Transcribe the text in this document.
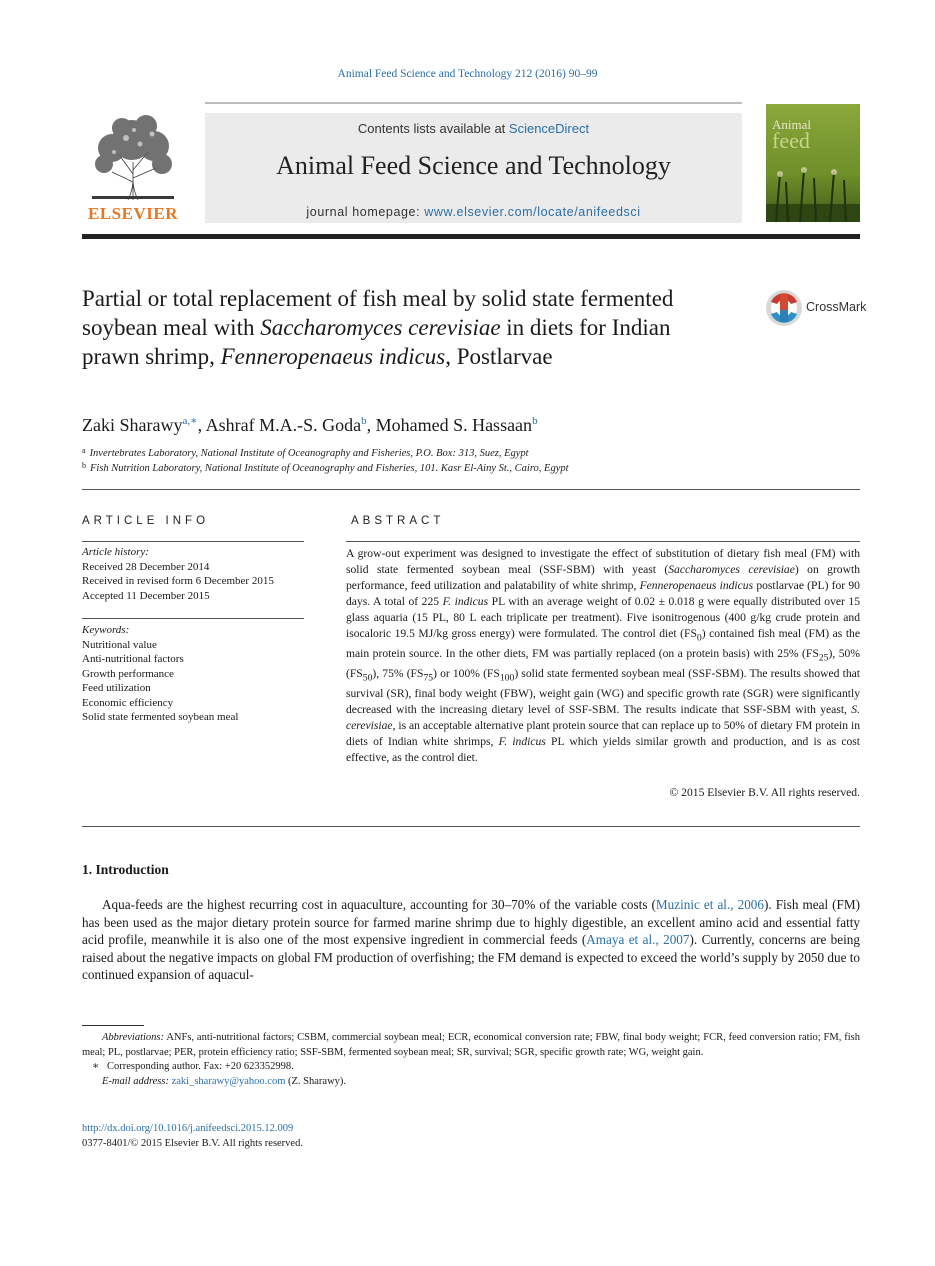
Animal Feed Science and Technology 212 (2016) 90–99
ELSEVIER
Contents lists available at ScienceDirect
Animal Feed Science and Technology
journal homepage: www.elsevier.com/locate/anifeedsci
Animal
feed
Partial or total replacement of fish meal by solid state fermented soybean meal with Saccharomyces cerevisiae in diets for Indian prawn shrimp, Fenneropenaeus indicus, Postlarvae
CrossMark
Zaki Sharawy$^{a,∗}$, Ashraf M.A.-S. Goda$^b$, Mohamed S. Hassaan$^b$
$^a$ Invertebrates Laboratory, National Institute of Oceanography and Fisheries, P.O. Box: 313, Suez, Egypt
$^b$ Fish Nutrition Laboratory, National Institute of Oceanography and Fisheries, 101. Kasr El-Ainy St., Cairo, Egypt
ARTICLE INFO
Article history:
Received 28 December 2014
Received in revised form 6 December 2015
Accepted 11 December 2015
Keywords:
Nutritional value
Anti-nutritional factors
Growth performance
Feed utilization
Economic efficiency
Solid state fermented soybean meal
ABSTRACT
A grow-out experiment was designed to investigate the effect of substitution of dietary fish meal (FM) with solid state fermented soybean meal (SSF-SBM) with yeast (Saccharomyces cerevisiae) on growth performance, feed utilization and palatability of white shrimp, Fenneropenaeus indicus postlarvae (PL) for 90 days. A total of 225 F. indicus PL with an average weight of 0.02 ± 0.018 g were equally distributed over 15 glass aquaria (15 PL, 80 L each triplicate per treatment). Five isonitrogenous (400 g/kg crude protein and isocaloric 19.5 MJ/kg gross energy) were formulated. The control diet $(FS_0)$ contained fish meal (FM) as the main protein source. In the other diets, FM was partially replaced (on a protein basis) with 25% $(FS_{25})$, 50% $(FS_{50})$, 75% $(FS_{75})$ or 100% $(FS_{100})$ solid state fermented soybean meal (SSF-SBM). The results showed that survival (SR), final body weight (FBW), weight gain (WG) and specific growth rate (SGR) were significantly decreased with the increasing dietary level of SSF-SBM. The results indicate that SSF-SBM with yeast, S. cerevisiae, is an acceptable alternative plant protein source that can replace up to 50% of dietary FM protein in diets of Indian white shrimps, F. indicus PL which yields similar growth and production, and is as cost effective, as the control diet.
© 2015 Elsevier B.V. All rights reserved.
1. Introduction
Aqua-feeds are the highest recurring cost in aquaculture, accounting for 30–70% of the variable costs (Muzinic et al., 2006). Fish meal (FM) has been used as the major dietary protein source for farmed marine shrimp due to highly digestible, an excellent amino acid and essential fatty acid profile, meanwhile it is also one of the most expensive ingredient in commercial feeds (Amaya et al., 2007). Currently, concerns are being raised about the negative impacts on global FM production of overfishing; the FM demand is expected to exceed the world’s supply by 2050 due to continued expansion of aquacul-
Abbreviations: ANFs, anti-nutritional factors; CSBM, commercial soybean meal; ECR, economical conversion rate; FBW, final body weight; FCR, feed conversion ratio; FM, fish meal; PL, postlarvae; PER, protein efficiency ratio; SSF-SBM, fermented soybean meal; SR, survival; SGR, specific growth rate; WG, weight gain.
∗ Corresponding author. Fax: +20 623352998.
E-mail address: zaki_sharawy@yahoo.com (Z. Sharawy).
http://dx.doi.org/10.1016/j.anifeedsci.2015.12.009
0377-8401/© 2015 Elsevier B.V. All rights reserved.
